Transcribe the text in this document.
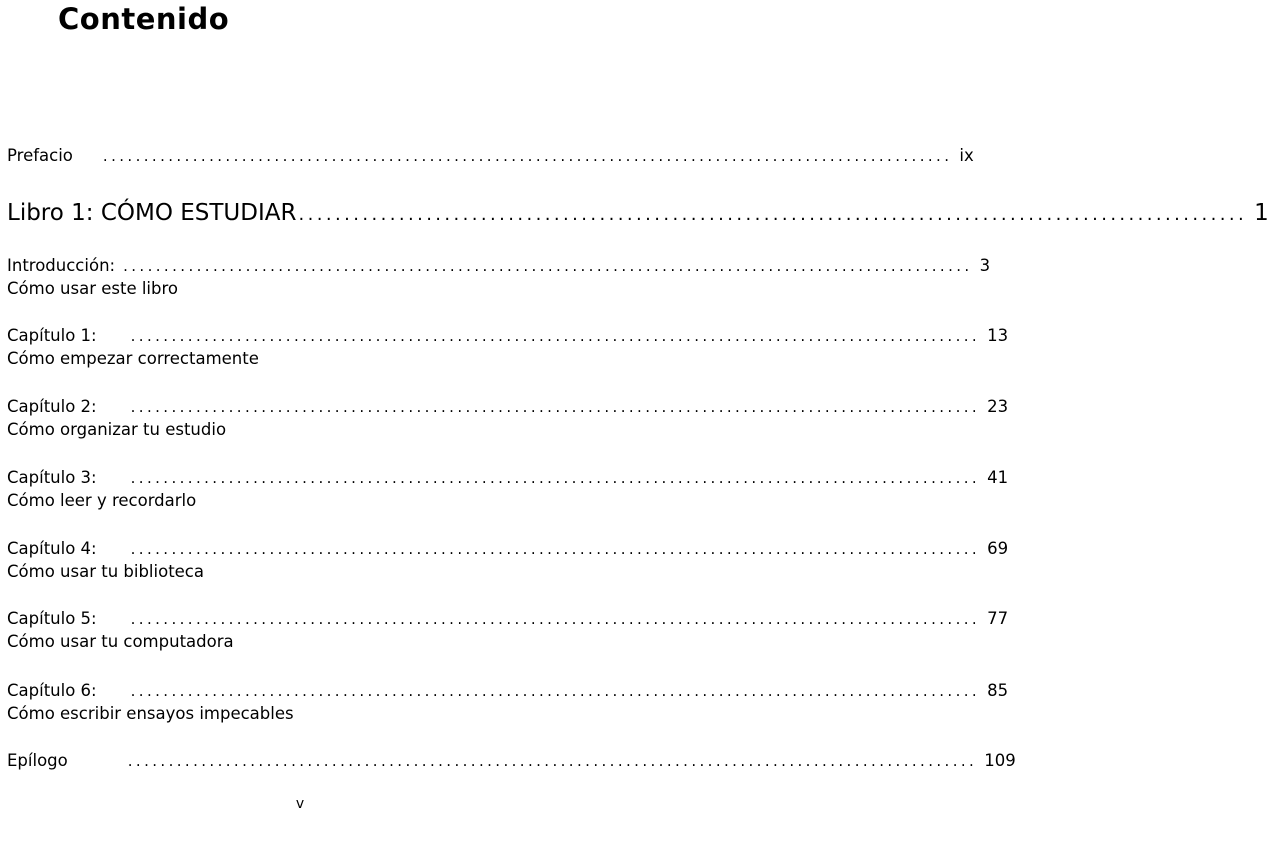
Contenido
Prefacio ........................................................................................................ ix
Libro 1: CÓMO ESTUDIAR ........................................................................................................ 1
Introducción: ........................................................................................................ 3
Cómo usar este libro
Capítulo 1: ........................................................................................................ 13
Cómo empezar correctamente
Capítulo 2: ........................................................................................................ 23
Cómo organizar tu estudio
Capítulo 3: ........................................................................................................ 41
Cómo leer y recordarlo
Capítulo 4: ........................................................................................................ 69
Cómo usar tu biblioteca
Capítulo 5: ........................................................................................................ 77
Cómo usar tu computadora
Capítulo 6: ........................................................................................................ 85
Cómo escribir ensayos impecables
Epílogo	........................................................................................................ 109
v
